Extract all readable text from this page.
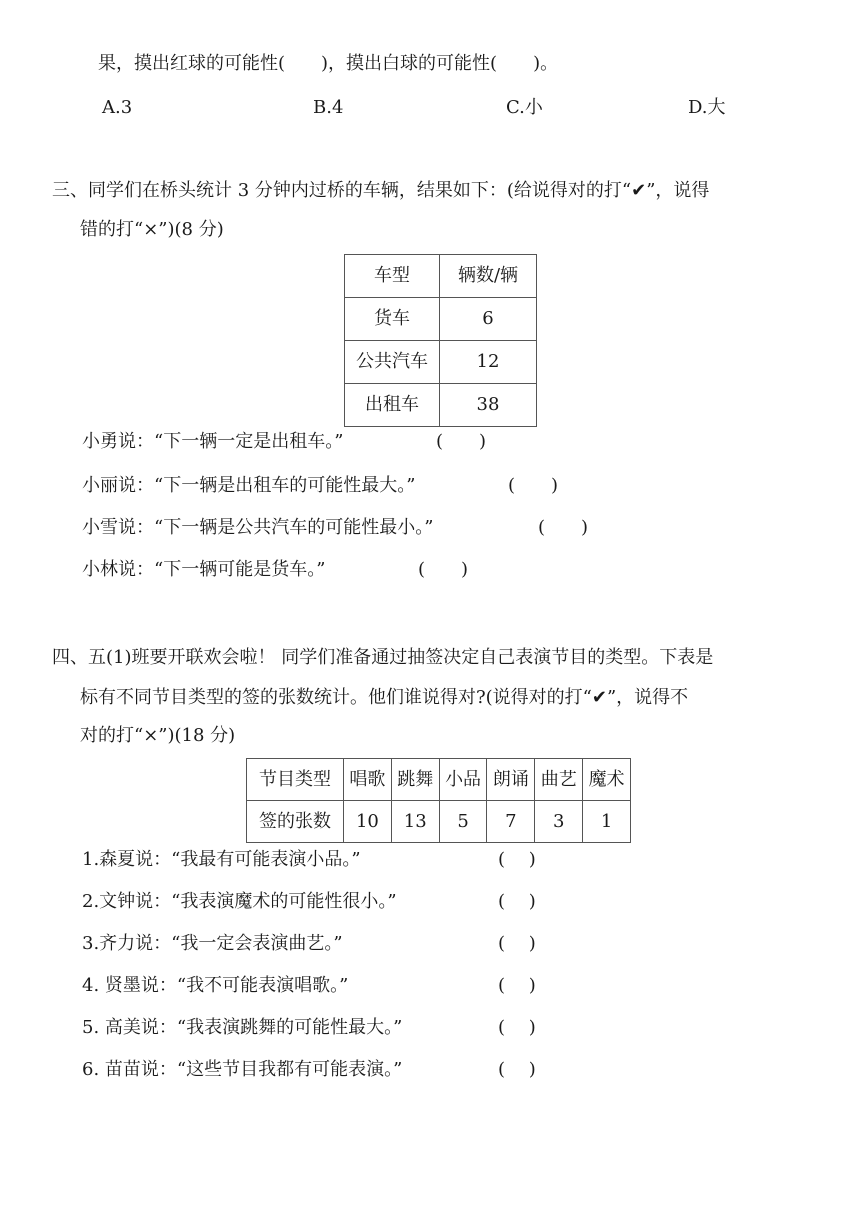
果，摸出红球的可能性(　　)，摸出白球的可能性(　　)。
A.3	B.4	C.小	D.大
三、同学们在桥头统计 3 分钟内过桥的车辆，结果如下：(给说得对的打“✔”，说得
错的打“×”)(8 分)
车型	辆数/辆
货车	6
公共汽车	12
出租车	38
小勇说：“下一辆一定是出租车。”	(　　)
小丽说：“下一辆是出租车的可能性最大。”	(　　)
小雪说：“下一辆是公共汽车的可能性最小。”	(　　)
小林说：“下一辆可能是货车。”	(　　)
四、五(1)班要开联欢会啦！ 同学们准备通过抽签决定自己表演节目的类型。下表是
标有不同节目类型的签的张数统计。他们谁说得对?(说得对的打“✔”，说得不
对的打“×”)(18 分)
节目类型	唱歌	跳舞	小品	朗诵	曲艺	魔术
签的张数	10	13	5	7	3	1
1.森夏说：“我最有可能表演小品。”	(　 )
2.文钟说：“我表演魔术的可能性很小。”	(　 )
3.齐力说：“我一定会表演曲艺。”	(　 )
4. 贤墨说：“我不可能表演唱歌。”	(　 )
5. 高美说：“我表演跳舞的可能性最大。”	(　 )
6. 苗苗说：“这些节目我都有可能表演。”	(　 )
